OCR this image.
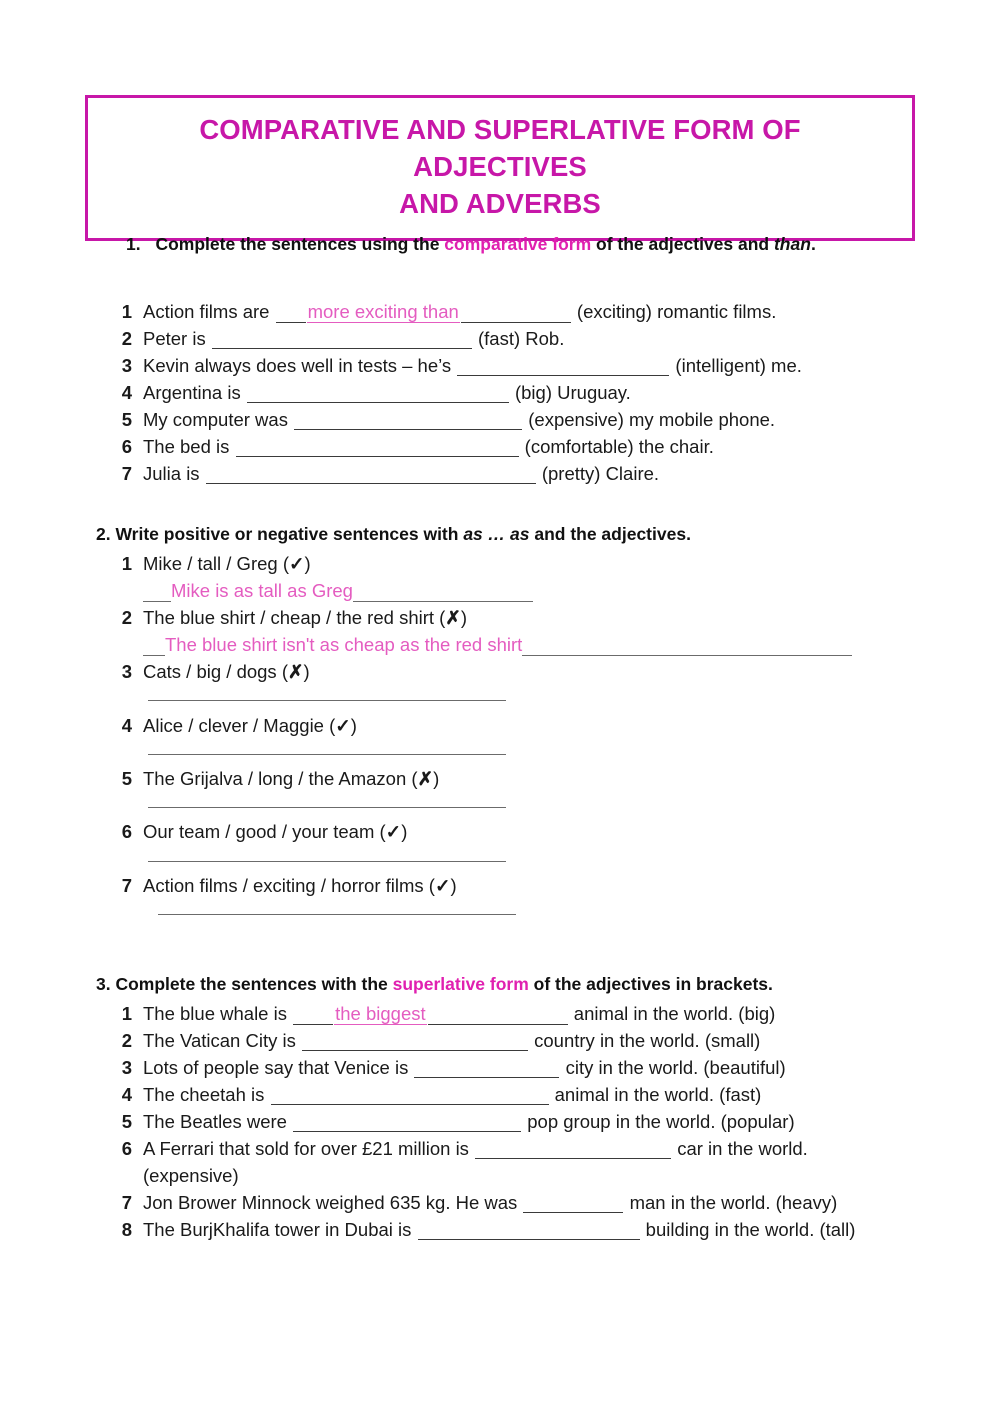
COMPARATIVE AND SUPERLATIVE FORM OF ADJECTIVES
AND ADVERBS
1. Complete the sentences using the comparative form of the adjectives and than.
1 Action films are more exciting than	(exciting) romantic films.
2 Peter is	(fast) Rob.
3 Kevin always does well in tests – he’s	(intelligent) me.
4 Argentina is	(big) Uruguay.
5 My computer was	(expensive) my mobile phone.
6 The bed is	(comfortable) the chair.
7 Julia is	(pretty) Claire.
2. Write positive or negative sentences with as … as and the adjectives.
1 Mike / tall / Greg (✓)
Mike is as tall as Greg
2 The blue shirt / cheap / the red shirt (✗)
The blue shirt isn't as cheap as the red shirt
3 Cats / big / dogs (✗)
4 Alice / clever / Maggie (✓)
5 The Grijalva / long / the Amazon (✗)
6 Our team / good / your team (✓)
7 Action films / exciting / horror films (✓)
3. Complete the sentences with the superlative form of the adjectives in brackets.
1 The blue whale is the biggest	animal in the world. (big)
2 The Vatican City is	country in the world. (small)
3 Lots of people say that Venice is	city in the world. (beautiful)
4 The cheetah is	animal in the world. (fast)
5 The Beatles were	pop group in the world. (popular)
6 A Ferrari that sold for over £21 million is	car in the world.
(expensive)
7 Jon Brower Minnock weighed 635 kg. He was	man in the world. (heavy)
8 The BurjKhalifa tower in Dubai is	building in the world. (tall)
